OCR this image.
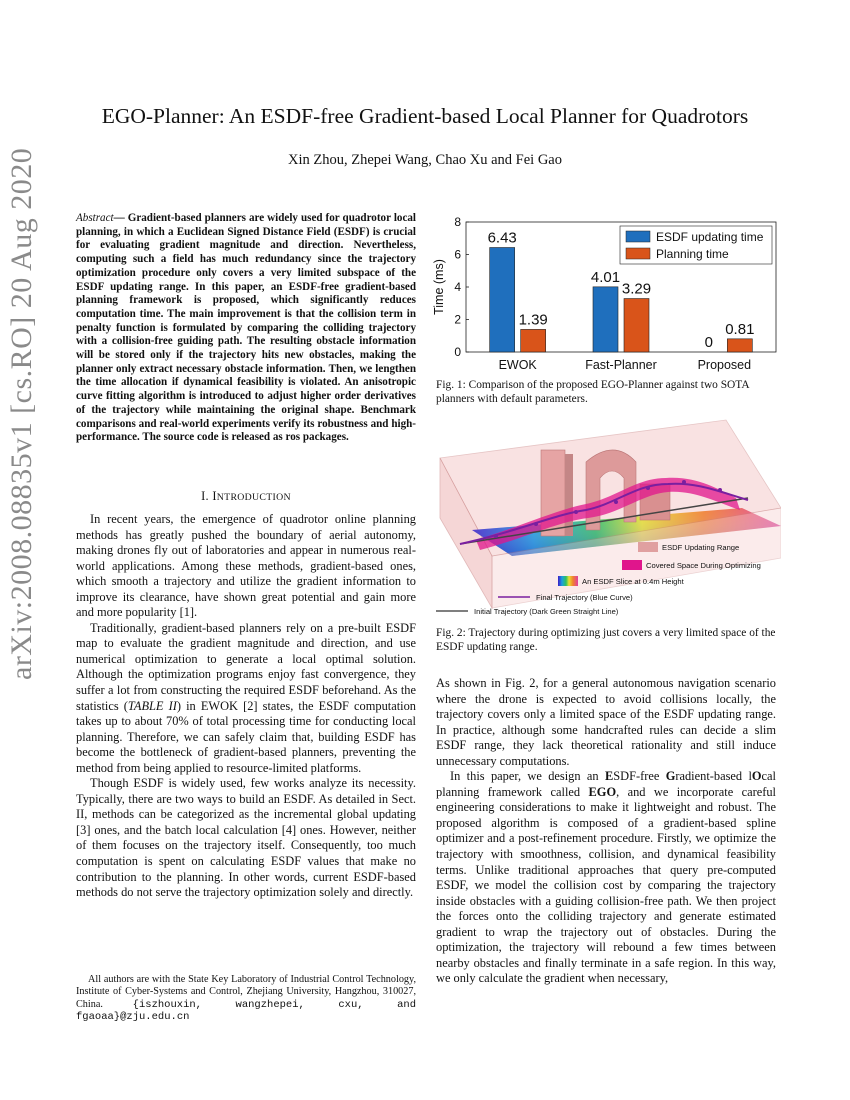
arXiv:2008.08835v1 [cs.RO] 20 Aug 2020
EGO-Planner: An ESDF-free Gradient-based Local Planner for Quadrotors
Xin Zhou, Zhepei Wang, Chao Xu and Fei Gao
Abstract— Gradient-based planners are widely used for quadrotor local planning, in which a Euclidean Signed Distance Field (ESDF) is crucial for evaluating gradient magnitude and direction. Nevertheless, computing such a field has much redundancy since the trajectory optimization procedure only covers a very limited subspace of the ESDF updating range. In this paper, an ESDF-free gradient-based planning framework is proposed, which significantly reduces computation time. The main improvement is that the collision term in penalty function is formulated by comparing the colliding trajectory with a collision-free guiding path. The resulting obstacle information will be stored only if the trajectory hits new obstacles, making the planner only extract necessary obstacle information. Then, we lengthen the time allocation if dynamical feasibility is violated. An anisotropic curve fitting algorithm is introduced to adjust higher order derivatives of the trajectory while maintaining the original shape. Benchmark comparisons and real-world experiments verify its robustness and high-performance. The source code is released as ros packages.
I. INTRODUCTION

In recent years, the emergence of quadrotor online planning methods has greatly pushed the boundary of aerial autonomy, making drones fly out of laboratories and appear in numerous real-world applications. Among these methods, gradient-based ones, which smooth a trajectory and utilize the gradient information to improve its clearance, have shown great potential and gain more and more popularity [1].

Traditionally, gradient-based planners rely on a pre-built ESDF map to evaluate the gradient magnitude and direction, and use numerical optimization to generate a local optimal solution. Although the optimization programs enjoy fast convergence, they suffer a lot from constructing the required ESDF beforehand. As the statistics (TABLE II) in EWOK [2] states, the ESDF computation takes up to about 70% of total processing time for conducting local planning. Therefore, we can safely claim that, building ESDF has become the bottleneck of gradient-based planners, preventing the method from being applied to resource-limited platforms.

Though ESDF is widely used, few works analyze its necessity. Typically, there are two ways to build an ESDF. As detailed in Sect. II, methods can be categorized as the incremental global updating [3] ones, and the batch local calculation [4] ones. However, neither of them focuses on the trajectory itself. Consequently, too much computation is spent on calculating ESDF values that make no contribution to the planning. In other words, current ESDF-based methods do not serve the trajectory optimization solely and directly.

All authors are with the State Key Laboratory of Industrial Control Technology, Institute of Cyber-Systems and Control, Zhejiang University, Hangzhou, 310027, China. {iszhouxin, wangzhepei, cxu, and fgaoaa}@zju.edu.cn

0
2
4
6
8
Time (ms)
EWOK	Fast-Planner	Proposed
6.43
1.39
4.01
3.29
0
0.81
ESDF updating time
Planning time
Fig. 1: Comparison of the proposed EGO-Planner against two SOTA planners with default parameters.
ESDF Updating Range
Covered Space During Optimizing
An ESDF Slice at 0.4m Height
Final Trajectory (Blue Curve)
Initial Trajectory (Dark Green Straight Line)
Fig. 2: Trajectory during optimizing just covers a very limited space of the ESDF updating range.

As shown in Fig. 2, for a general autonomous navigation scenario where the drone is expected to avoid collisions locally, the trajectory covers only a limited space of the ESDF updating range. In practice, although some handcrafted rules can decide a slim ESDF range, they lack theoretical rationality and still induce unnecessary computations.

In this paper, we design an ESDF-free Gradient-based lOcal planning framework called EGO, and we incorporate careful engineering considerations to make it lightweight and robust. The proposed algorithm is composed of a gradient-based spline optimizer and a post-refinement procedure. Firstly, we optimize the trajectory with smoothness, collision, and dynamical feasibility terms. Unlike traditional approaches that query pre-computed ESDF, we model the collision cost by comparing the trajectory inside obstacles with a guiding collision-free path. We then project the forces onto the colliding trajectory and generate estimated gradient to wrap the trajectory out of obstacles. During the optimization, the trajectory will rebound a few times between nearby obstacles and finally terminate in a safe region. In this way, we only calculate the gradient when necessary,
